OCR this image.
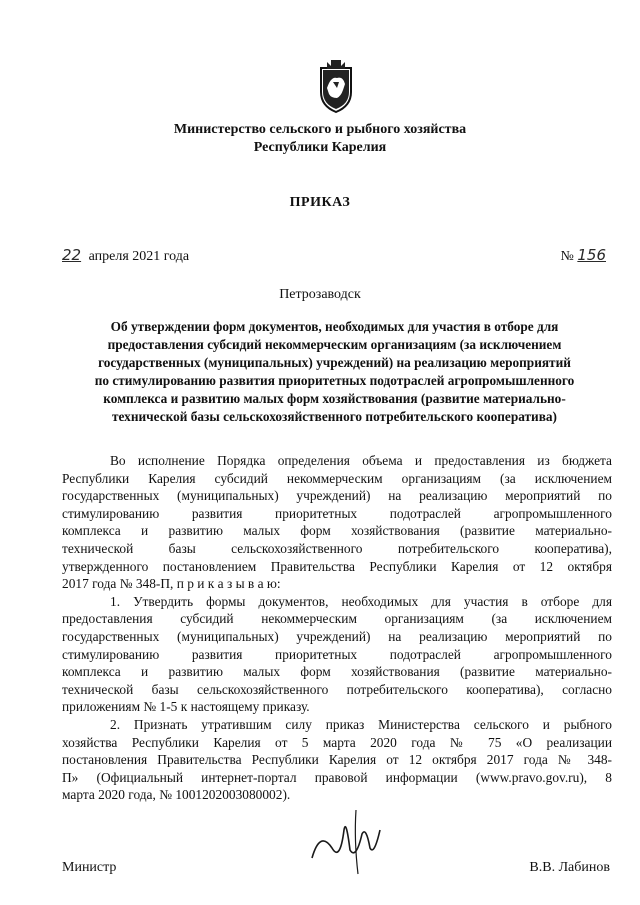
Министерство сельского и рыбного хозяйства
Республики Карелия
ПРИКАЗ
22 апреля 2021 года	№ 156
Петрозаводск
Об утверждении форм документов, необходимых для участия в отборе для
предоставления субсидий некоммерческим организациям (за исключением
государственных (муниципальных) учреждений) на реализацию мероприятий
по стимулированию развития приоритетных подотраслей агропромышленного
комплекса и развитию малых форм хозяйствования (развитие материально-
технической базы сельскохозяйственного потребительского кооператива)
Во исполнение Порядка определения объема и предоставления из бюджета
Республики Карелия субсидий некоммерческим организациям (за исключением
государственных (муниципальных) учреждений) на реализацию мероприятий по
стимулированию развития приоритетных подотраслей агропромышленного
комплекса и развитию малых форм хозяйствования (развитие материально-
технической базы сельскохозяйственного потребительского кооператива),
утвержденного постановлением Правительства Республики Карелия от 12 октября
2017 года № 348-П, п р и к а з ы в а ю:
1. Утвердить формы документов, необходимых для участия в отборе для
предоставления субсидий некоммерческим организациям (за исключением
государственных (муниципальных) учреждений) на реализацию мероприятий по
стимулированию развития приоритетных подотраслей агропромышленного
комплекса и развитию малых форм хозяйствования (развитие материально-
технической базы сельскохозяйственного потребительского кооператива), согласно
приложениям № 1-5 к настоящему приказу.
2. Признать утратившим силу приказ Министерства сельского и рыбного
хозяйства Республики Карелия от 5 марта 2020 года № 75 «О реализации
постановления Правительства Республики Карелия от 12 октября 2017 года № 348-
П» (Официальный интернет-портал правовой информации (www.pravo.gov.ru), 8
марта 2020 года, № 1001202003080002).
Министр	В.В. Лабинов
